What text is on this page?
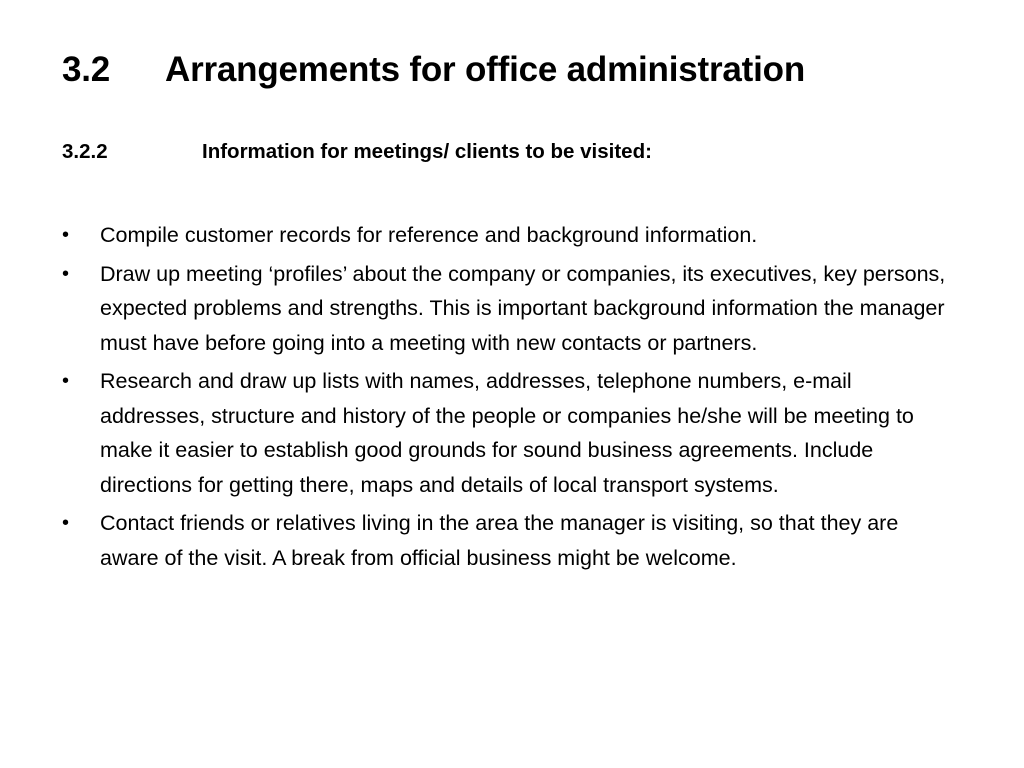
3.2 Arrangements for office administration
3.2.2	Information for meetings/ clients to be visited:
• Compile customer records for reference and background information.
• Draw up meeting ‘profiles’ about the company or companies, its executives, key persons, expected problems and strengths. This is important background information the manager must have before going into a meeting with new contacts or partners.
• Research and draw up lists with names, addresses, telephone numbers, e-mail addresses, structure and history of the people or companies he/she will be meeting to make it easier to establish good grounds for sound business agreements. Include directions for getting there, maps and details of local transport systems.
• Contact friends or relatives living in the area the manager is visiting, so that they are aware of the visit. A break from official business might be welcome.
